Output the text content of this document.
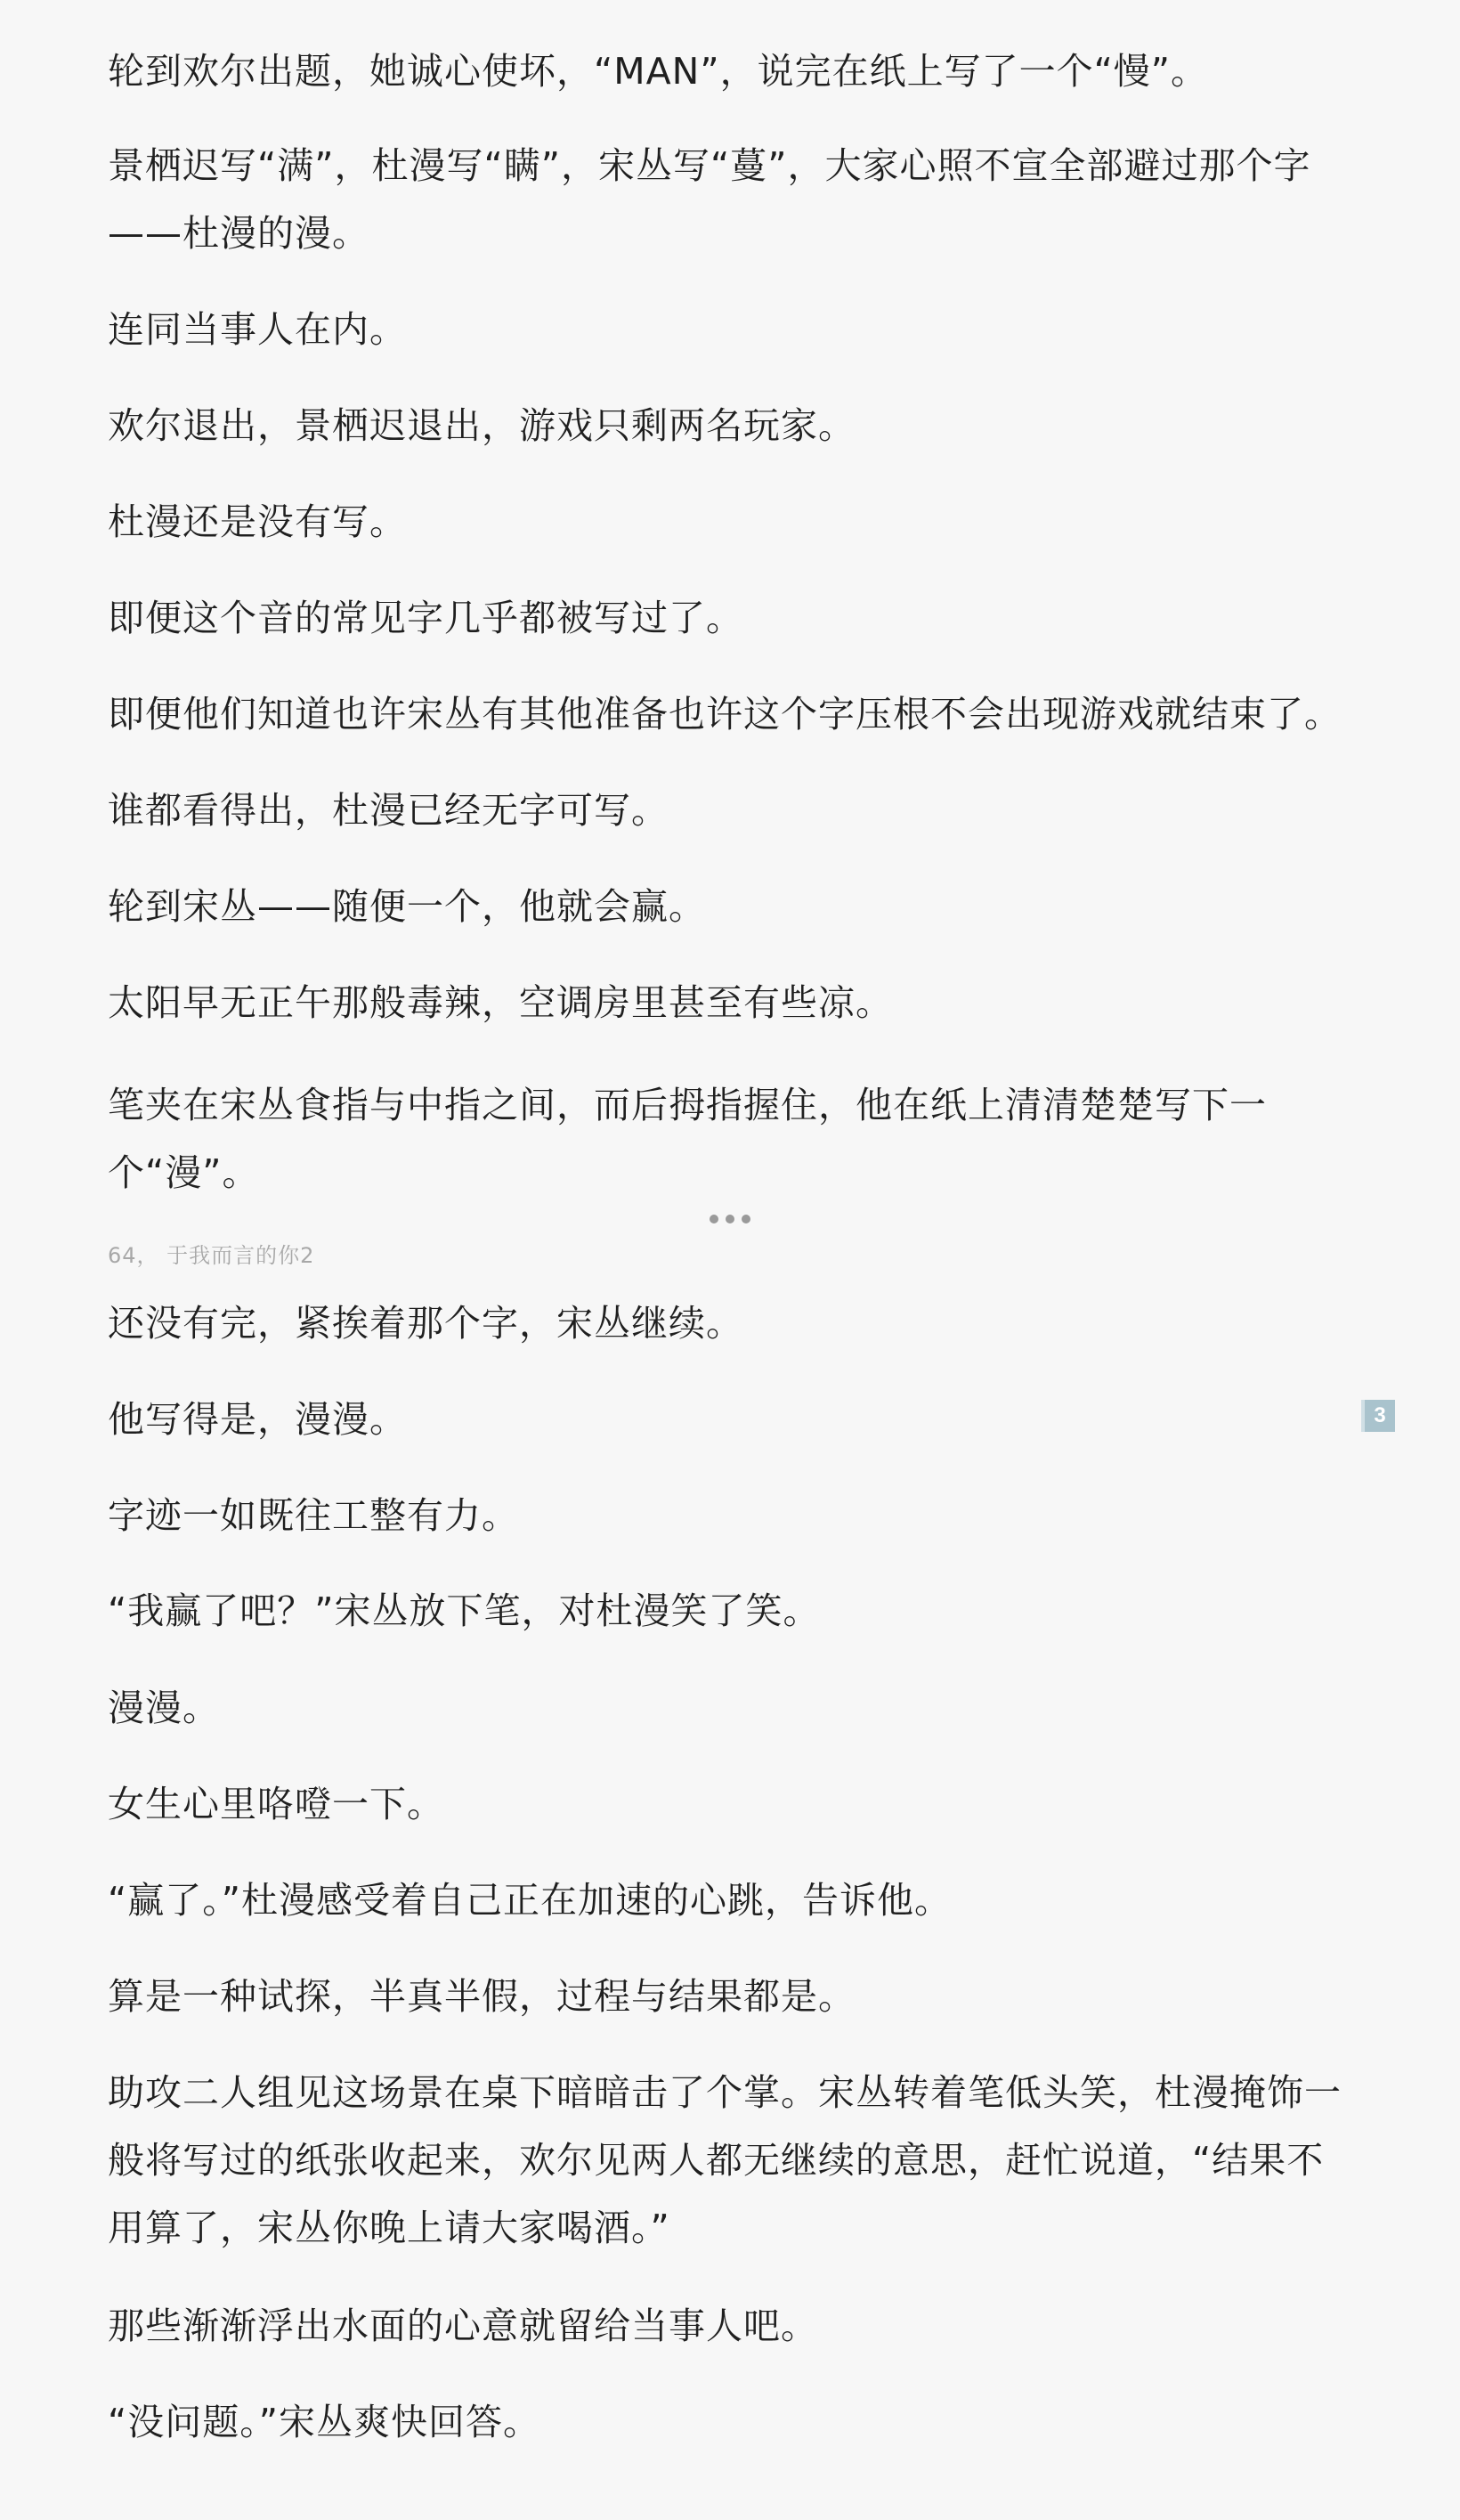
轮到欢尔出题，她诚心使坏，“MAN”，说完在纸上写了一个“慢”。

景栖迟写“满”，杜漫写“瞒”，宋丛写“蔓”，大家心照不宣全部避过那个字——杜漫的漫。

连同当事人在内。

欢尔退出，景栖迟退出，游戏只剩两名玩家。

杜漫还是没有写。

即便这个音的常见字几乎都被写过了。

即便他们知道也许宋丛有其他准备也许这个字压根不会出现游戏就结束了。

谁都看得出，杜漫已经无字可写。

轮到宋丛——随便一个，他就会赢。

太阳早无正午那般毒辣，空调房里甚至有些凉。

笔夹在宋丛食指与中指之间，而后拇指握住，他在纸上清清楚楚写下一个“漫”。

64， 于我而言的你2

还没有完，紧挨着那个字，宋丛继续。

他写得是，漫漫。	3

字迹一如既往工整有力。

“我赢了吧？”宋丛放下笔，对杜漫笑了笑。

漫漫。

女生心里咯噔一下。

“赢了。”杜漫感受着自己正在加速的心跳，告诉他。

算是一种试探，半真半假，过程与结果都是。

助攻二人组见这场景在桌下暗暗击了个掌。宋丛转着笔低头笑，杜漫掩饰一般将写过的纸张收起来，欢尔见两人都无继续的意思，赶忙说道，“结果不用算了，宋丛你晚上请大家喝酒。”

那些渐渐浮出水面的心意就留给当事人吧。

“没问题。”宋丛爽快回答。
